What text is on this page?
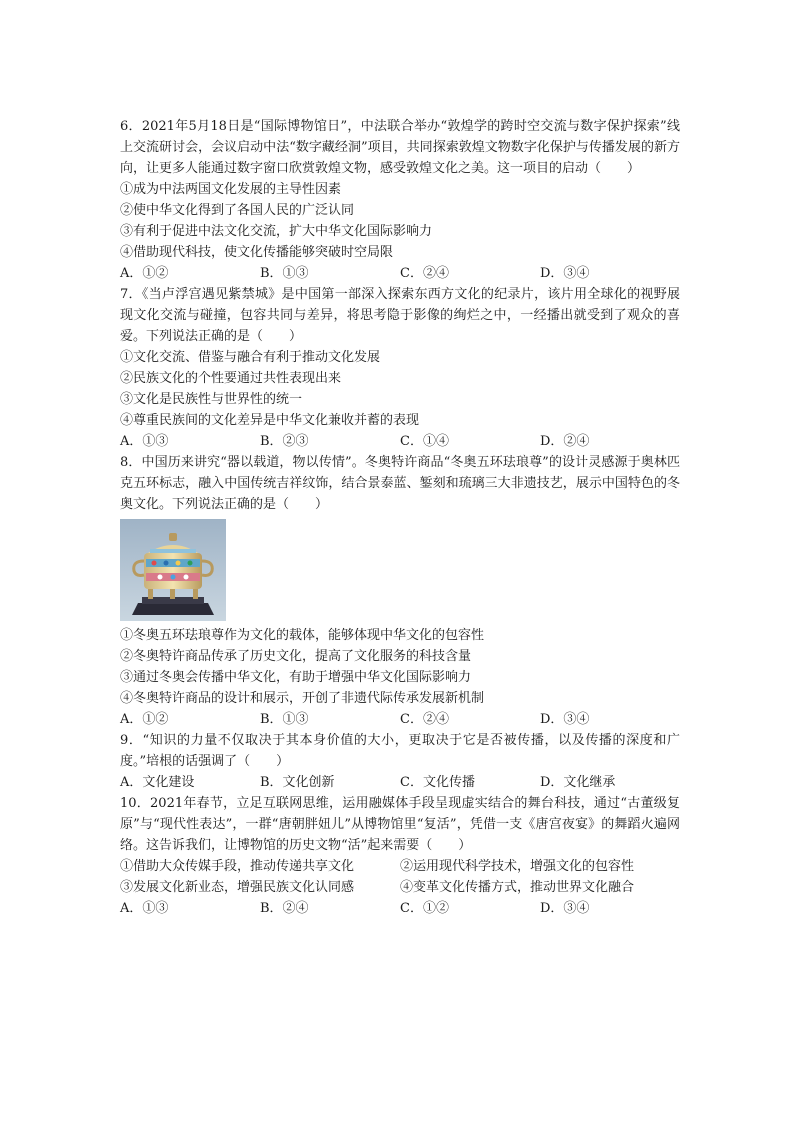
6．2021年5月18日是“国际博物馆日”，中法联合举办“敦煌学的跨时空交流与数字保护探索”线上交流研讨会，会议启动中法“数字藏经洞”项目，共同探索敦煌文物数字化保护与传播发展的新方向，让更多人能通过数字窗口欣赏敦煌文物，感受敦煌文化之美。这一项目的启动（　　）

①成为中法两国文化发展的主导性因素

②使中华文化得到了各国人民的广泛认同

③有利于促进中法文化交流，扩大中华文化国际影响力

④借助现代科技，使文化传播能够突破时空局限

A．①②	B．①③	C．②④	D．③④

7．《当卢浮宫遇见紫禁城》是中国第一部深入探索东西方文化的纪录片，该片用全球化的视野展现文化交流与碰撞，包容共同与差异，将思考隐于影像的绚烂之中，一经播出就受到了观众的喜爱。下列说法正确的是（　　）

①文化交流、借鉴与融合有利于推动文化发展

②民族文化的个性要通过共性表现出来

③文化是民族性与世界性的统一

④尊重民族间的文化差异是中华文化兼收并蓄的表现

A．①③	B．②③	C．①④	D．②④

8．中国历来讲究“器以载道，物以传情”。冬奥特许商品“冬奥五环珐琅尊”的设计灵感源于奥林匹克五环标志，融入中国传统吉祥纹饰，结合景泰蓝、錾刻和琉璃三大非遗技艺，展示中国特色的冬奥文化。下列说法正确的是（　　）

①冬奥五环珐琅尊作为文化的载体，能够体现中华文化的包容性

②冬奥特许商品传承了历史文化，提高了文化服务的科技含量

③通过冬奥会传播中华文化，有助于增强中华文化国际影响力

④冬奥特许商品的设计和展示，开创了非遗代际传承发展新机制

A．①②	B．①③	C．②④	D．③④

9．“知识的力量不仅取决于其本身价值的大小，更取决于它是否被传播，以及传播的深度和广度。”培根的话强调了（　　）

A．文化建设	B．文化创新	C．文化传播	D．文化继承

10．2021年春节，立足互联网思维，运用融媒体手段呈现虚实结合的舞台科技，通过“古董级复原”与“现代性表达”，一群“唐朝胖妞儿”从博物馆里“复活”，凭借一支《唐宫夜宴》的舞蹈火遍网络。这告诉我们，让博物馆的历史文物“活”起来需要（　　）

①借助大众传媒手段，推动传递共享文化	②运用现代科学技术，增强文化的包容性
③发展文化新业态，增强民族文化认同感	④变革文化传播方式，推动世界文化融合
A．①③	B．②④	C．①②	D．③④
